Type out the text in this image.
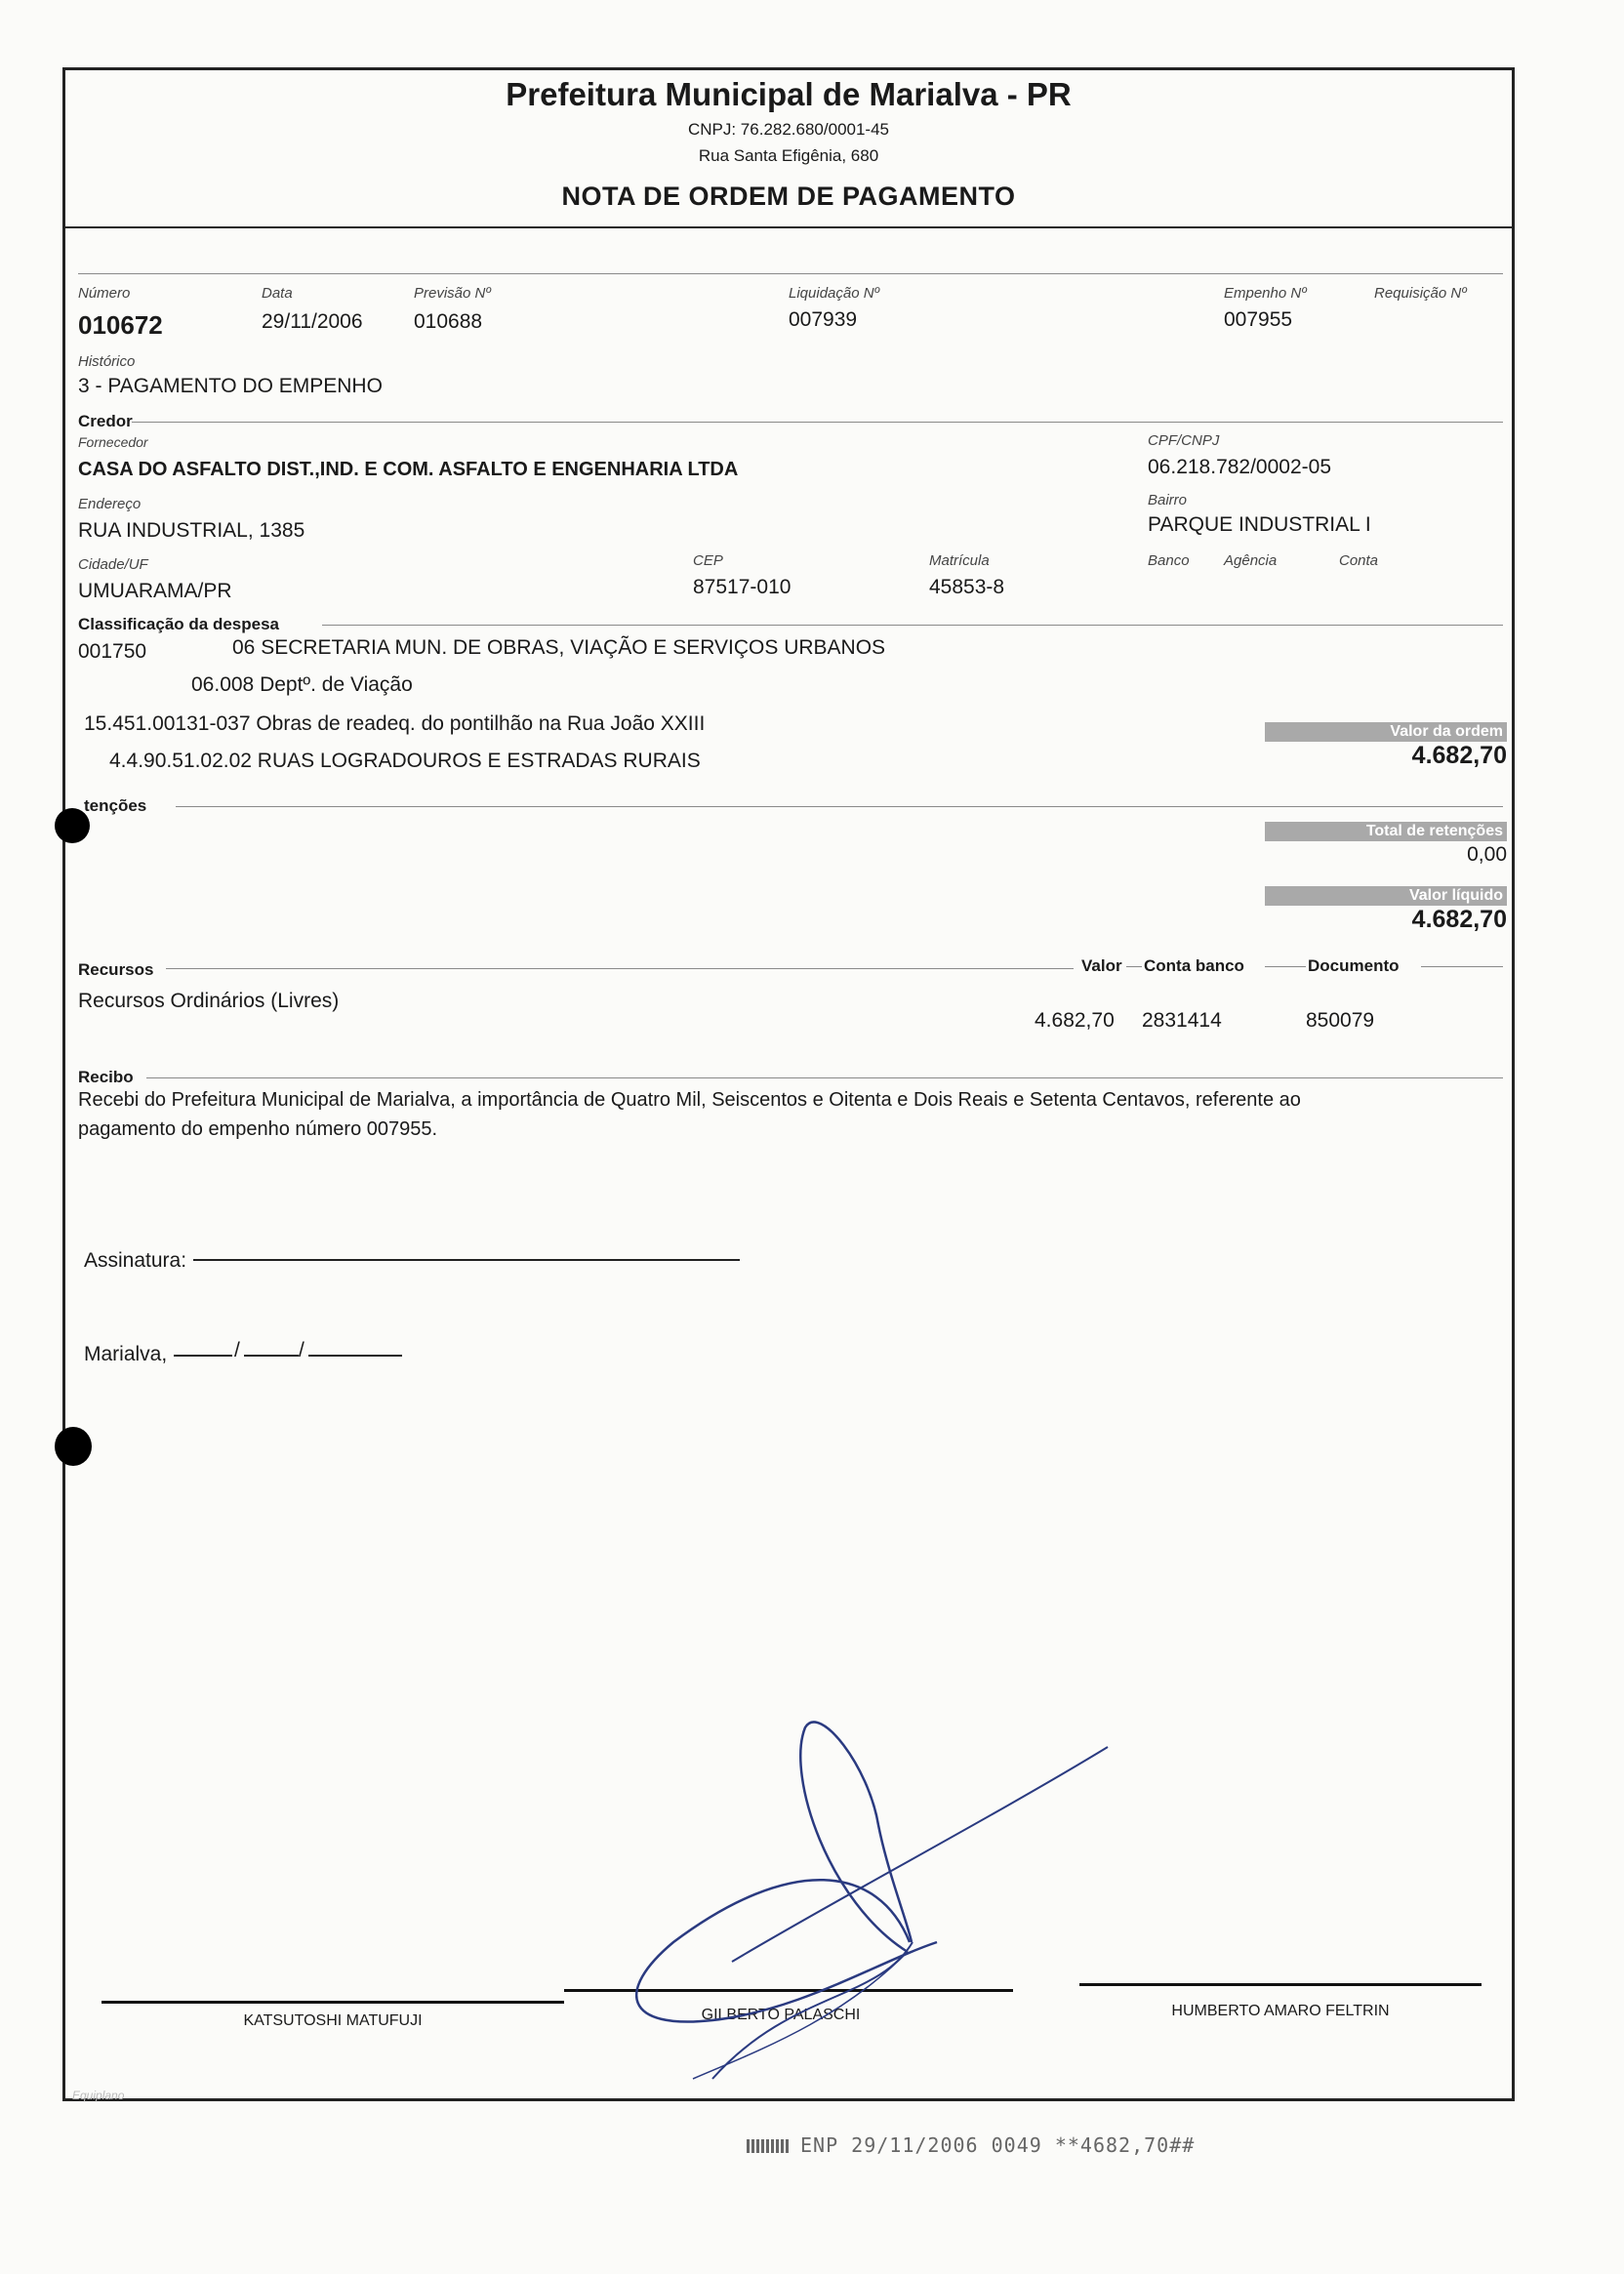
Prefeitura Municipal de Marialva - PR
CNPJ: 76.282.680/0001-45
Rua Santa Efigênia, 680
NOTA DE ORDEM DE PAGAMENTO
Número
010672
Data
29/11/2006
Previsão Nº
010688
Liquidação Nº
007939
Empenho Nº
007955
Requisição Nº
Histórico
3 - PAGAMENTO DO EMPENHO
Credor
Fornecedor
CASA DO ASFALTO DIST.,IND. E COM. ASFALTO E ENGENHARIA LTDA
CPF/CNPJ
06.218.782/0002-05
Endereço
RUA INDUSTRIAL, 1385
Bairro
PARQUE INDUSTRIAL I
Cidade/UF
UMUARAMA/PR
CEP
87517-010
Matrícula
45853-8
Banco Agência	Conta
Classificação da despesa
001750	06 SECRETARIA MUN. DE OBRAS, VIAÇÃO E SERVIÇOS URBANOS
06.008 Deptº. de Viação
15.451.00131-037 Obras de readeq. do pontilhão na Rua João XXIII
4.4.90.51.02.02 RUAS LOGRADOUROS E ESTRADAS RURAIS
Valor da ordem
4.682,70
tenções
Total de retenções
0,00
Valor líquido
4.682,70
Recursos	Valor Conta banco	Documento
Recursos Ordinários (Livres)
4.682,70 2831414	850079
Recibo
Recebi do Prefeitura Municipal de Marialva, a importância de Quatro Mil, Seiscentos e Oitenta e Dois Reais e Setenta Centavos, referente ao
pagamento do empenho número 007955.
Assinatura:
Marialva,	/	/
KATSUTOSHI MATUFUJI	GILBERTO PALASCHI	HUMBERTO AMARO FELTRIN
Equiplano
ENP 29/11/2006 0049 **4682,70##
